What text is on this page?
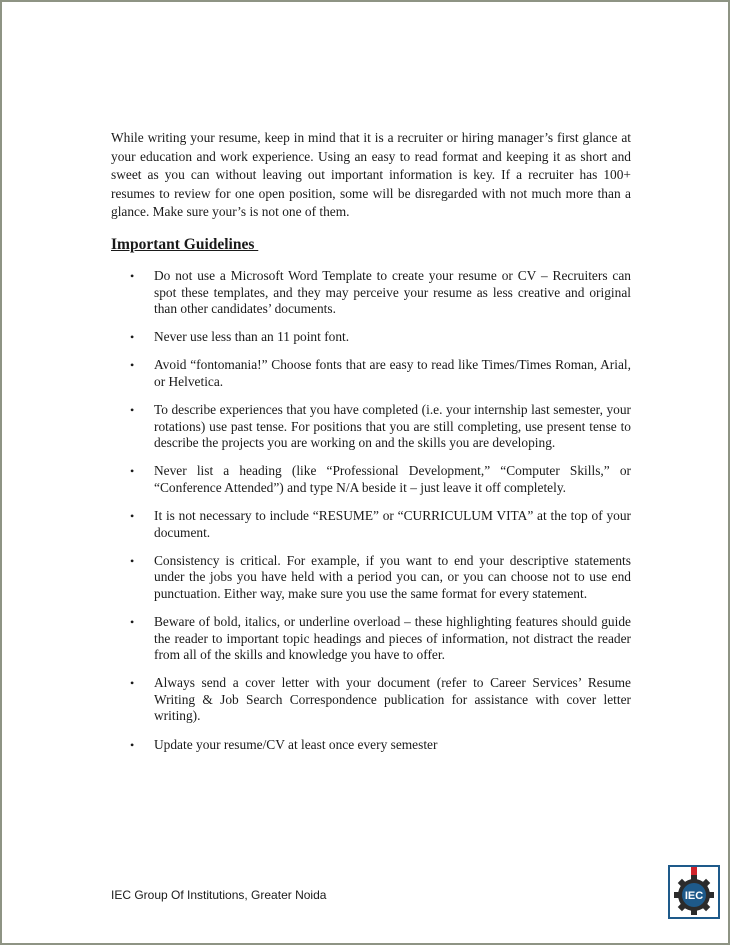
While writing your resume, keep in mind that it is a recruiter or hiring manager’s first glance at your education and work experience. Using an easy to read format and keeping it as short and sweet as you can without leaving out important information is key. If a recruiter has 100+ resumes to review for one open position, some will be disregarded with not much more than a glance. Make sure your’s is not one of them.

Important Guidelines
• Do not use a Microsoft Word Template to create your resume or CV – Recruiters can spot these templates, and they may perceive your resume as less creative and original than other candidates’ documents.
• Never use less than an 11 point font.
• Avoid “fontomania!” Choose fonts that are easy to read like Times/Times Roman, Arial, or Helvetica.
• To describe experiences that you have completed (i.e. your internship last semester, your rotations) use past tense. For positions that you are still completing, use present tense to describe the projects you are working on and the skills you are developing.
• Never list a heading (like “Professional Development,” “Computer Skills,” or “Conference Attended”) and type N/A beside it – just leave it off completely.
• It is not necessary to include “RESUME” or “CURRICULUM VITA” at the top of your document.
• Consistency is critical. For example, if you want to end your descriptive statements under the jobs you have held with a period you can, or you can choose not to use end punctuation. Either way, make sure you use the same format for every statement.
• Beware of bold, italics, or underline overload – these highlighting features should guide the reader to important topic headings and pieces of information, not distract the reader from all of the skills and knowledge you have to offer.
• Always send a cover letter with your document (refer to Career Services’ Resume Writing & Job Search Correspondence publication for assistance with cover letter writing).
• Update your resume/CV at least once every semester

IEC Group Of Institutions, Greater Noida	IEC
